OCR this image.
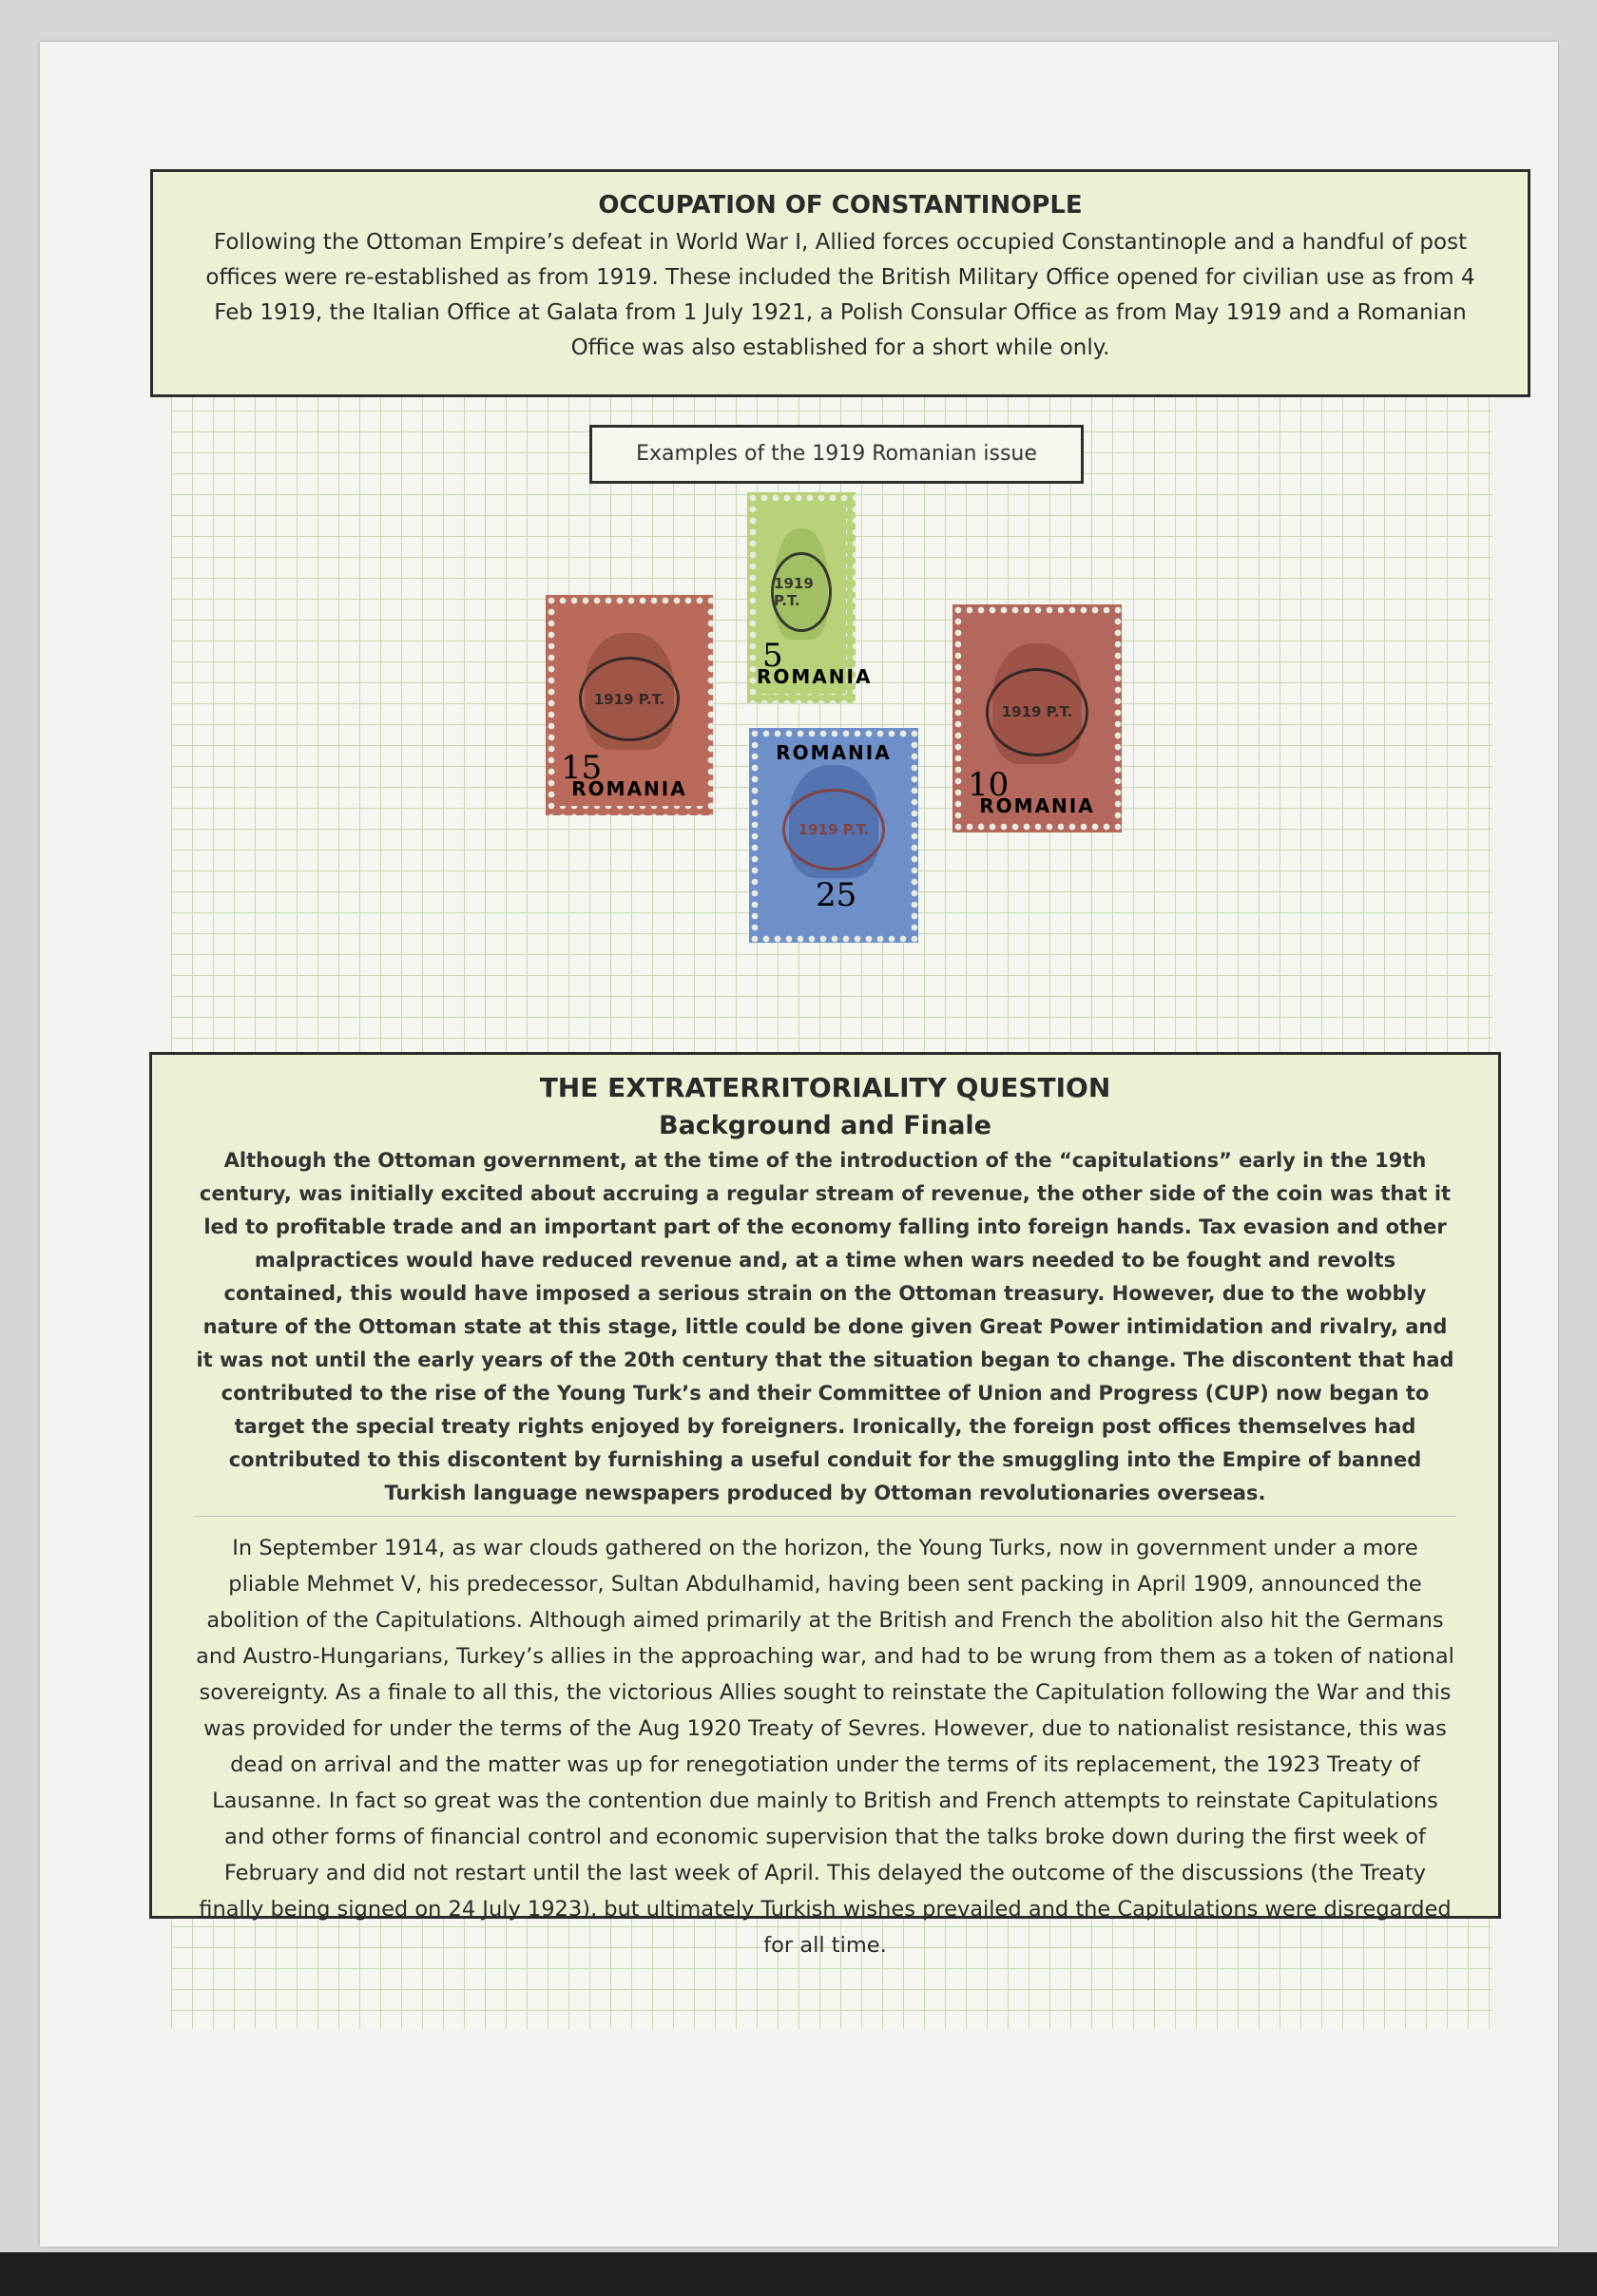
OCCUPATION OF CONSTANTINOPLE
Following the Ottoman Empire’s defeat in World War I, Allied forces occupied Constantinople and a handful of post offices were re-established as from 1919. These included the British Military Office opened for civilian use as from 4 Feb 1919, the Italian Office at Galata from 1 July 1921, a Polish Consular Office as from May 1919 and a Romanian Office was also established for a short while only.
Examples of the 1919 Romanian issue
1919 P.T.
5
ROMANIA
1919 P.T.
15
ROMANIA
1919 P.T.
10
ROMANIA
1919 P.T.
ROMANIA
25
THE EXTRATERRITORIALITY QUESTION
Background and Finale
Although the Ottoman government, at the time of the introduction of the “capitulations” early in the 19th century, was initially excited about accruing a regular stream of revenue, the other side of the coin was that it led to profitable trade and an important part of the economy falling into foreign hands. Tax evasion and other malpractices would have reduced revenue and, at a time when wars needed to be fought and revolts contained, this would have imposed a serious strain on the Ottoman treasury. However, due to the wobbly nature of the Ottoman state at this stage, little could be done given Great Power intimidation and rivalry, and it was not until the early years of the 20th century that the situation began to change. The discontent that had contributed to the rise of the Young Turk’s and their Committee of Union and Progress (CUP) now began to target the special treaty rights enjoyed by foreigners. Ironically, the foreign post offices themselves had contributed to this discontent by furnishing a useful conduit for the smuggling into the Empire of banned Turkish language newspapers produced by Ottoman revolutionaries overseas.
In September 1914, as war clouds gathered on the horizon, the Young Turks, now in government under a more pliable Mehmet V, his predecessor, Sultan Abdulhamid, having been sent packing in April 1909, announced the abolition of the Capitulations. Although aimed primarily at the British and French the abolition also hit the Germans and Austro-Hungarians, Turkey’s allies in the approaching war, and had to be wrung from them as a token of national sovereignty. As a finale to all this, the victorious Allies sought to reinstate the Capitulation following the War and this was provided for under the terms of the Aug 1920 Treaty of Sevres. However, due to nationalist resistance, this was dead on arrival and the matter was up for renegotiation under the terms of its replacement, the 1923 Treaty of Lausanne. In fact so great was the contention due mainly to British and French attempts to reinstate Capitulations and other forms of financial control and economic supervision that the talks broke down during the first week of February and did not restart until the last week of April. This delayed the outcome of the discussions (the Treaty finally being signed on 24 July 1923), but ultimately Turkish wishes prevailed and the Capitulations were disregarded for all time.
